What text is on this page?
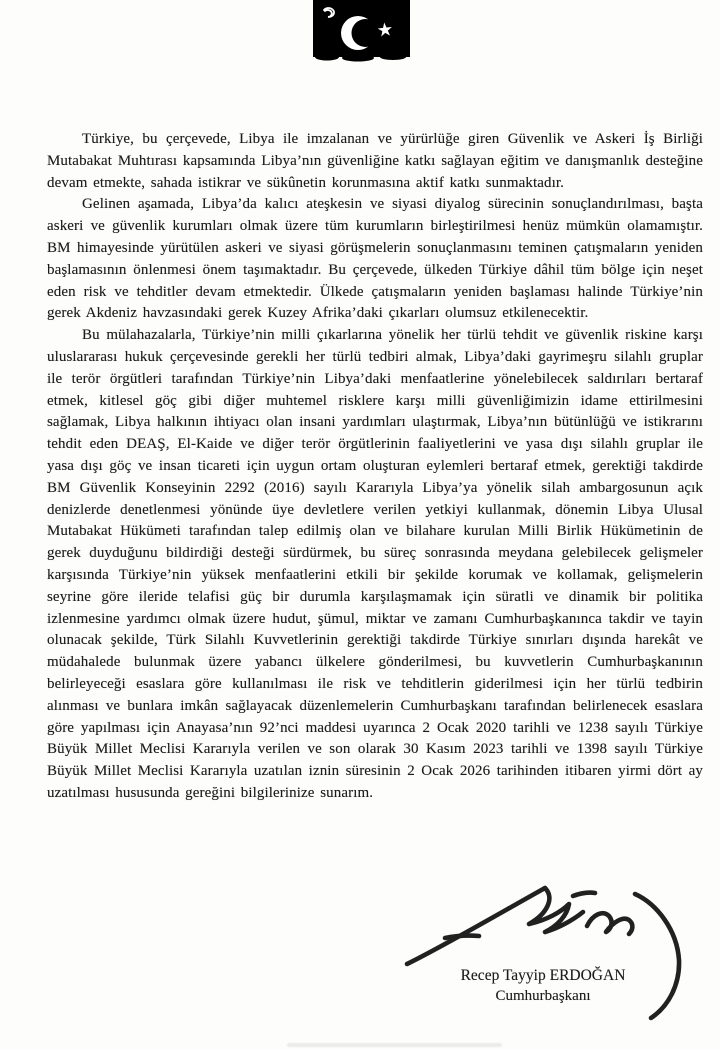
Türkiye, bu çerçevede, Libya ile imzalanan ve yürürlüğe giren Güvenlik ve Askeri İş Birliği Mutabakat Muhtırası kapsamında Libya’nın güvenliğine katkı sağlayan eğitim ve danışmanlık desteğine devam etmekte, sahada istikrar ve sükûnetin korunmasına aktif katkı sunmaktadır.

Gelinen aşamada, Libya’da kalıcı ateşkesin ve siyasi diyalog sürecinin sonuçlandırılması, başta askeri ve güvenlik kurumları olmak üzere tüm kurumların birleştirilmesi henüz mümkün olamamıştır. BM himayesinde yürütülen askeri ve siyasi görüşmelerin sonuçlanmasını teminen çatışmaların yeniden başlamasının önlenmesi önem taşımaktadır. Bu çerçevede, ülkeden Türkiye dâhil tüm bölge için neşet eden risk ve tehditler devam etmektedir. Ülkede çatışmaların yeniden başlaması halinde Türkiye’nin gerek Akdeniz havzasındaki gerek Kuzey Afrika’daki çıkarları olumsuz etkilenecektir.

Bu mülahazalarla, Türkiye’nin milli çıkarlarına yönelik her türlü tehdit ve güvenlik riskine karşı uluslararası hukuk çerçevesinde gerekli her türlü tedbiri almak, Libya’daki gayrimeşru silahlı gruplar ile terör örgütleri tarafından Türkiye’nin Libya’daki menfaatlerine yönelebilecek saldırıları bertaraf etmek, kitlesel göç gibi diğer muhtemel risklere karşı milli güvenliğimizin idame ettirilmesini sağlamak, Libya halkının ihtiyacı olan insani yardımları ulaştırmak, Libya’nın bütünlüğü ve istikrarını tehdit eden DEAŞ, El-Kaide ve diğer terör örgütlerinin faaliyetlerini ve yasa dışı silahlı gruplar ile yasa dışı göç ve insan ticareti için uygun ortam oluşturan eylemleri bertaraf etmek, gerektiği takdirde BM Güvenlik Konseyinin 2292 (2016) sayılı Kararıyla Libya’ya yönelik silah ambargosunun açık denizlerde denetlenmesi yönünde üye devletlere verilen yetkiyi kullanmak, dönemin Libya Ulusal Mutabakat Hükümeti tarafından talep edilmiş olan ve bilahare kurulan Milli Birlik Hükümetinin de gerek duyduğunu bildirdiği desteği sürdürmek, bu süreç sonrasında meydana gelebilecek gelişmeler karşısında Türkiye’nin yüksek menfaatlerini etkili bir şekilde korumak ve kollamak, gelişmelerin seyrine göre ileride telafisi güç bir durumla karşılaşmamak için süratli ve dinamik bir politika izlenmesine yardımcı olmak üzere hudut, şümul, miktar ve zamanı Cumhurbaşkanınca takdir ve tayin olunacak şekilde, Türk Silahlı Kuvvetlerinin gerektiği takdirde Türkiye sınırları dışında harekât ve müdahalede bulunmak üzere yabancı ülkelere gönderilmesi, bu kuvvetlerin Cumhurbaşkanının belirleyeceği esaslara göre kullanılması ile risk ve tehditlerin giderilmesi için her türlü tedbirin alınması ve bunlara imkân sağlayacak düzenlemelerin Cumhurbaşkanı tarafından belirlenecek esaslara göre yapılması için Anayasa’nın 92’nci maddesi uyarınca 2 Ocak 2020 tarihli ve 1238 sayılı Türkiye Büyük Millet Meclisi Kararıyla verilen ve son olarak 30 Kasım 2023 tarihli ve 1398 sayılı Türkiye Büyük Millet Meclisi Kararıyla uzatılan iznin süresinin 2 Ocak 2026 tarihinden itibaren yirmi dört ay uzatılması hususunda gereğini bilgilerinize sunarım.

Recep Tayyip ERDOĞAN
Cumhurbaşkanı
